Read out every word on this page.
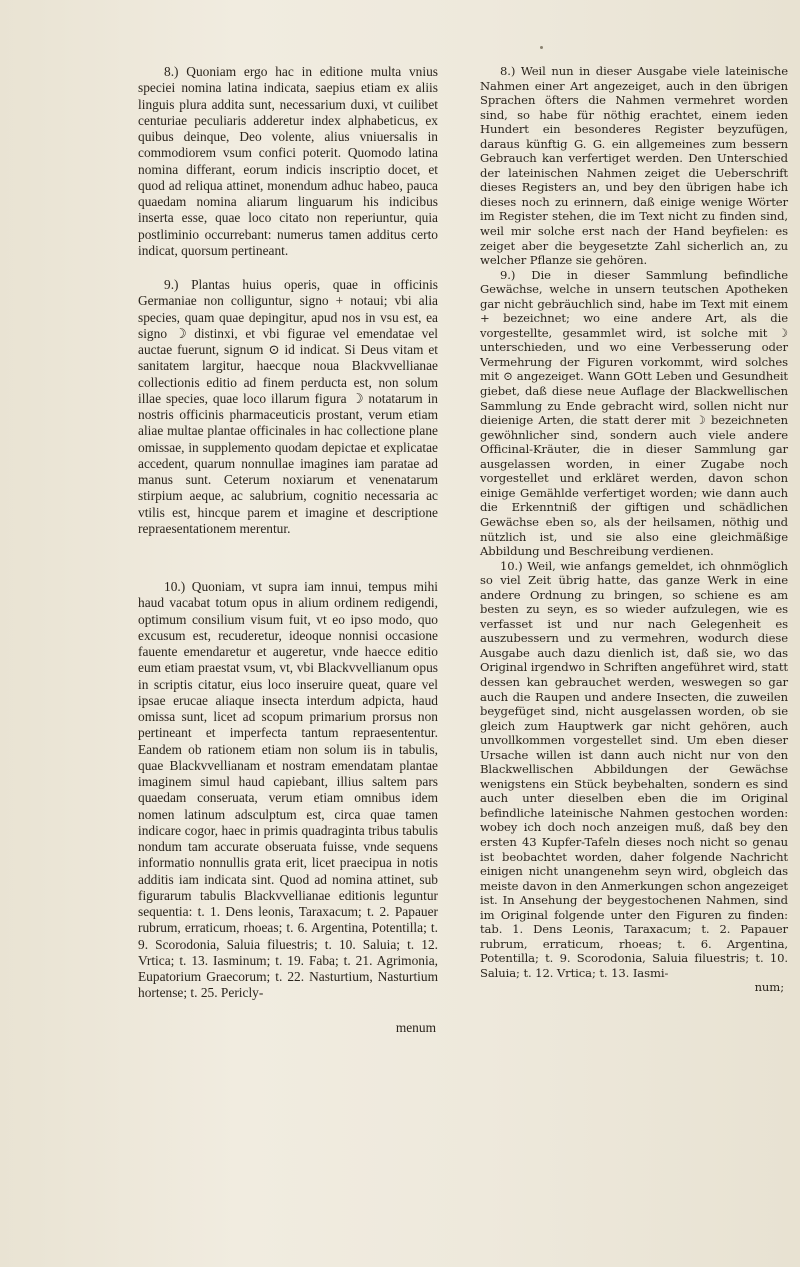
8.) Quoniam ergo hac in editione multa vnius speciei nomina latina indicata, saepius etiam ex aliis linguis plura addita sunt, necessarium duxi, vt cuilibet centuriae peculiaris adderetur index alphabeticus, ex quibus deinque, Deo volente, alius vniuersalis in commodiorem vsum confici poterit. Quomodo latina nomina differant, eorum indicis inscriptio docet, et quod ad reliqua attinet, monendum adhuc habeo, pauca quaedam nomina aliarum linguarum his indicibus inserta esse, quae loco citato non reperiuntur, quia postliminio occurrebant: numerus tamen additus certo indicat, quorsum pertineant.

9.) Plantas huius operis, quae in officinis Germaniae non colliguntur, signo + notaui; vbi alia species, quam quae depingitur, apud nos in vsu est, ea signo ☽ distinxi, et vbi figurae vel emendatae vel auctae fuerunt, signum ⊙ id indicat. Si Deus vitam et sanitatem largitur, haecque noua Blackvvellianae collectionis editio ad finem perducta est, non solum illae species, quae loco illarum figura ☽ notatarum in nostris officinis pharmaceuticis prostant, verum etiam aliae multae plantae officinales in hac collectione plane omissae, in supplemento quodam depictae et explicatae accedent, quarum nonnullae imagines iam paratae ad manus sunt. Ceterum noxiarum et venenatarum stirpium aeque, ac salubrium, cognitio necessaria ac vtilis est, hincque parem et imagine et descriptione repraesentationem merentur.

10.) Quoniam, vt supra iam innui, tempus mihi haud vacabat totum opus in alium ordinem redigendi, optimum consilium visum fuit, vt eo ipso modo, quo excusum est, recuderetur, ideoque nonnisi occasione fauente emendaretur et augeretur, vnde haecce editio eum etiam praestat vsum, vt, vbi Blackvvellianum opus in scriptis citatur, eius loco inseruire queat, quare vel ipsae erucae aliaque insecta interdum adpicta, haud omissa sunt, licet ad scopum primarium prorsus non pertineant et imperfecta tantum repraesententur. Eandem ob rationem etiam non solum iis in tabulis, quae Blackvvellianam et nostram emendatam plantae imaginem simul haud capiebant, illius saltem pars quaedam conseruata, verum etiam omnibus idem nomen latinum adsculptum est, circa quae tamen indicare cogor, haec in primis quadraginta tribus tabulis nondum tam accurate obseruata fuisse, vnde sequens informatio nonnullis grata erit, licet praecipua in notis additis iam indicata sint. Quod ad nomina attinet, sub figurarum tabulis Blackvvellianae editionis leguntur sequentia: t. 1. Dens leonis, Taraxacum; t. 2. Papauer rubrum, erraticum, rhoeas; t. 6. Argentina, Potentilla; t. 9. Scorodonia, Saluia filuestris; t. 10. Saluia; t. 12. Vrtica; t. 13. Iasminum; t. 19. Faba; t. 21. Agrimonia, Eupatorium Graecorum; t. 22. Nasturtium, Nasturtium hortense; t. 25. Pericly-

menum

8.) Weil nun in dieser Ausgabe viele lateinische Nahmen einer Art angezeiget, auch in den übrigen Sprachen öfters die Nahmen vermehret worden sind, so habe für nöthig erachtet, einem ieden Hundert ein besonderes Register beyzufügen, daraus künftig G. G. ein allgemeines zum bessern Gebrauch kan verfertiget werden. Den Unterschied der lateinischen Nahmen zeiget die Ueberschrift dieses Registers an, und bey den übrigen habe ich dieses noch zu erinnern, daß einige wenige Wörter im Register stehen, die im Text nicht zu finden sind, weil mir solche erst nach der Hand beyfielen: es zeiget aber die beygesetzte Zahl sicherlich an, zu welcher Pflanze sie gehören.

9.) Die in dieser Sammlung befindliche Gewächse, welche in unsern teutschen Apotheken gar nicht gebräuchlich sind, habe im Text mit einem + bezeichnet; wo eine andere Art, als die vorgestellte, gesammlet wird, ist solche mit ☽ unterschieden, und wo eine Verbesserung oder Vermehrung der Figuren vorkommt, wird solches mit ⊙ angezeiget. Wann GOtt Leben und Gesundheit giebet, daß diese neue Auflage der Blackwellischen Sammlung zu Ende gebracht wird, sollen nicht nur dieienige Arten, die statt derer mit ☽ bezeichneten gewöhnlicher sind, sondern auch viele andere Officinal-Kräuter, die in dieser Sammlung gar ausgelassen worden, in einer Zugabe noch vorgestellet und erkläret werden, davon schon einige Gemählde verfertiget worden; wie dann auch die Erkenntniß der giftigen und schädlichen Gewächse eben so, als der heilsamen, nöthig und nützlich ist, und sie also eine gleichmäßige Abbildung und Beschreibung verdienen.

10.) Weil, wie anfangs gemeldet, ich ohnmöglich so viel Zeit übrig hatte, das ganze Werk in eine andere Ordnung zu bringen, so schiene es am besten zu seyn, es so wieder aufzulegen, wie es verfasset ist und nur nach Gelegenheit es auszubessern und zu vermehren, wodurch diese Ausgabe auch dazu dienlich ist, daß sie, wo das Original irgendwo in Schriften angeführet wird, statt dessen kan gebrauchet werden, weswegen so gar auch die Raupen und andere Insecten, die zuweilen beygefüget sind, nicht ausgelassen worden, ob sie gleich zum Hauptwerk gar nicht gehören, auch unvollkommen vorgestellet sind. Um eben dieser Ursache willen ist dann auch nicht nur von den Blackwellischen Abbildungen der Gewächse wenigstens ein Stück beybehalten, sondern es sind auch unter dieselben eben die im Original befindliche lateinische Nahmen gestochen worden: wobey ich doch noch anzeigen muß, daß bey den ersten 43 Kupfer-Tafeln dieses noch nicht so genau ist beobachtet worden, daher folgende Nachricht einigen nicht unangenehm seyn wird, obgleich das meiste davon in den Anmerkungen schon angezeiget ist. In Ansehung der beygestochenen Nahmen, sind im Original folgende unter den Figuren zu finden: tab. 1. Dens Leonis, Taraxacum; t. 2. Papauer rubrum, erraticum, rhoeas; t. 6. Argentina, Potentilla; t. 9. Scorodonia, Saluia filuestris; t. 10. Saluia; t. 12. Vrtica; t. 13. Iasmi-

num;
